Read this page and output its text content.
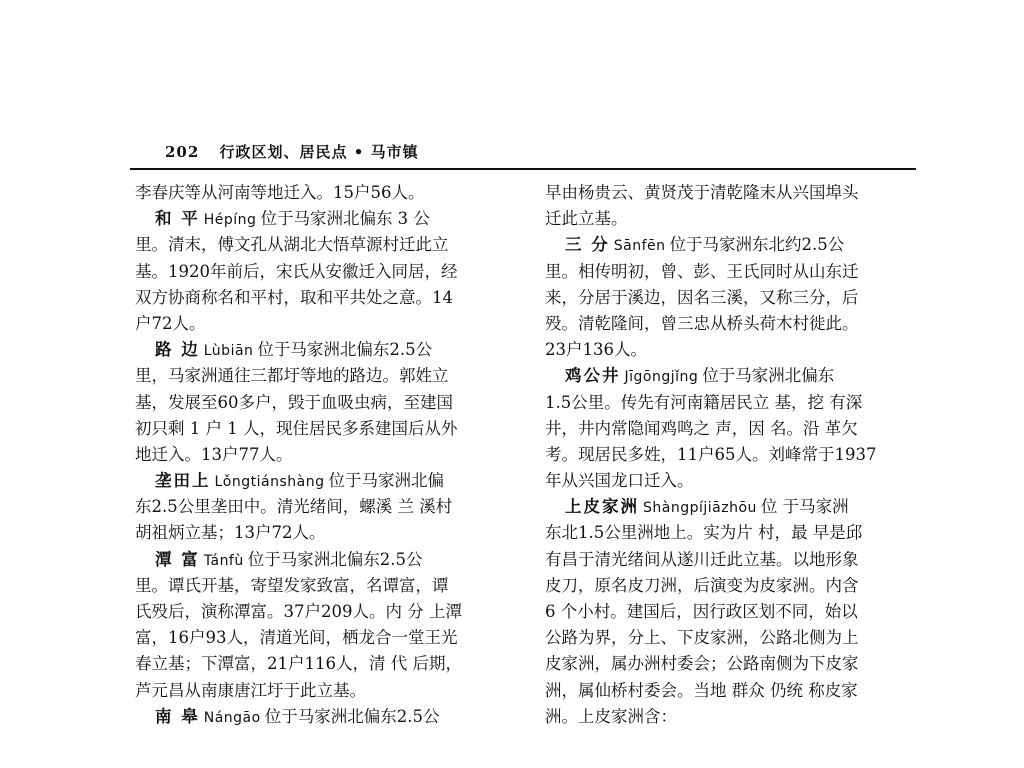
202 行政区划、居民点 • 马市镇
李春庆等从河南等地迁入。15户56人。
和 平 Hépíng 位于马家洲北偏东 3 公
里。清末，傅文孔从湖北大悟草源村迁此立
基。1920年前后，宋氏从安徽迁入同居，经
双方协商称名和平村，取和平共处之意。14
户72人。
路 边 Lùbiān 位于马家洲北偏东2.5公
里，马家洲通往三都圩等地的路边。郭姓立
基，发展至60多户，毁于血吸虫病，至建国
初只剩 1 户 1 人，现住居民多系建国后从外
地迁入。13户77人。
垄田上 Lǒngtiánshàng 位于马家洲北偏
东2.5公里垄田中。清光绪间，螺溪 兰 溪村
胡祖炳立基；13户72人。
潭 富 Tánfù 位于马家洲北偏东2.5公
里。谭氏开基，寄望发家致富，名谭富，谭
氏殁后，演称潭富。37户209人。内 分 上潭
富，16户93人，清道光间，栖龙合一堂王光
春立基；下潭富，21户116人，清 代 后期，
芦元昌从南康唐江圩于此立基。
南 皋 Nángāo 位于马家洲北偏东2.5公
早由杨贵云、黄贤茂于清乾隆末从兴国埠头
迁此立基。
三 分 Sānfēn 位于马家洲东北约2.5公
里。相传明初，曾、彭、王氏同时从山东迁
来，分居于溪边，因名三溪，又称三分，后
殁。清乾隆间，曾三忠从桥头荷木村徙此。
23户136人。
鸡公井 Jīgōngjǐng 位于马家洲北偏东
1.5公里。传先有河南籍居民立 基，挖 有深
井，井内常隐闻鸡鸣之 声，因 名。沿 革欠
考。现居民多姓，11户65人。刘峰常于1937
年从兴国龙口迁入。
上皮家洲 Shàngpíjiāzhōu 位 于马家洲
东北1.5公里洲地上。实为片 村，最 早是邱
有昌于清光绪间从遂川迁此立基。以地形象
皮刀，原名皮刀洲，后演变为皮家洲。内含
6 个小村。建国后，因行政区划不同，始以
公路为界，分上、下皮家洲，公路北侧为上
皮家洲，属办洲村委会；公路南侧为下皮家
洲，属仙桥村委会。当地 群众 仍统 称皮家
洲。上皮家洲含：
